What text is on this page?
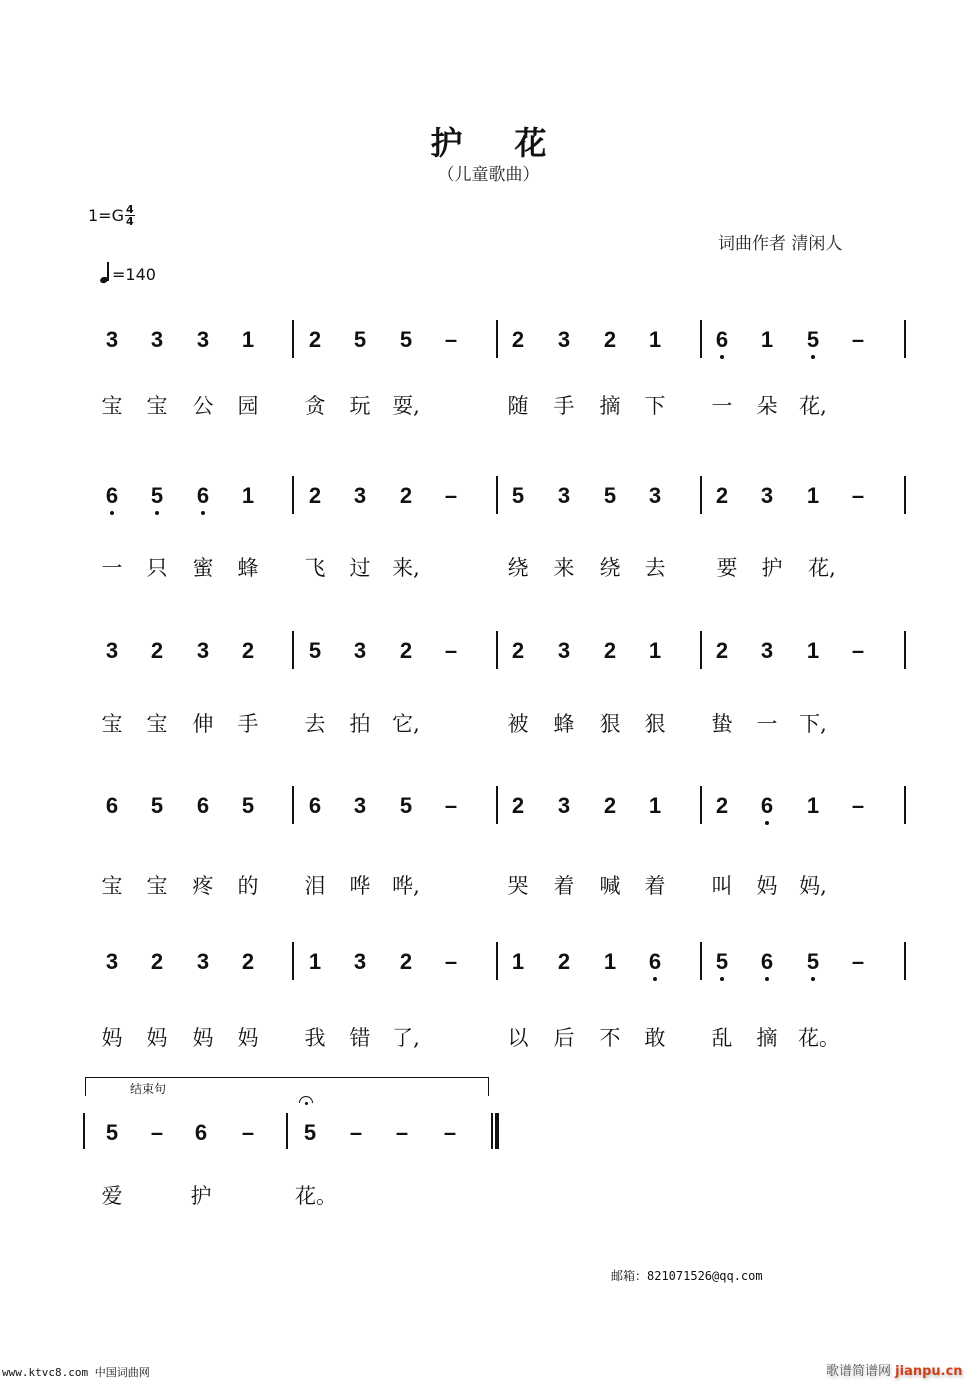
护花
（儿童歌曲）
$1=G \frac{4}{4}$
=140
词曲作者 清闲人
3 3 3 1 2 5 5 – 2 3 2 1 6 1 5 –
宝 宝 公 园 贪 玩 耍,	随 手 摘 下 一 朵 花,
6 5 6 1 2 3 2 – 5 3 5 3 2 3 1 –
一 只 蜜 蜂 飞 过 来,	绕 来 绕 去 要 护 花,
3 2 3 2 5 3 2 – 2 3 2 1 2 3 1 –
宝 宝 伸 手 去 拍 它,	被 蜂 狠 狠 蛰 一 下,
6 5 6 5 6 3 5 – 2 3 2 1 2 6 1 –
宝 宝 疼 的 泪 哗 哗,	哭 着 喊 着 叫 妈 妈,
3 2 3 2 1 3 2 – 1 2 1 6 5 6 5 –
妈 妈 妈 妈 我 错 了,	以 后 不 敢 乱 摘 花。
5 – 6 – 5 – – –
爱	护	花。
结束句
邮箱：821071526@qq.com
www.ktvc8.com 中国词曲网	歌谱简谱网 jianpu.cn
